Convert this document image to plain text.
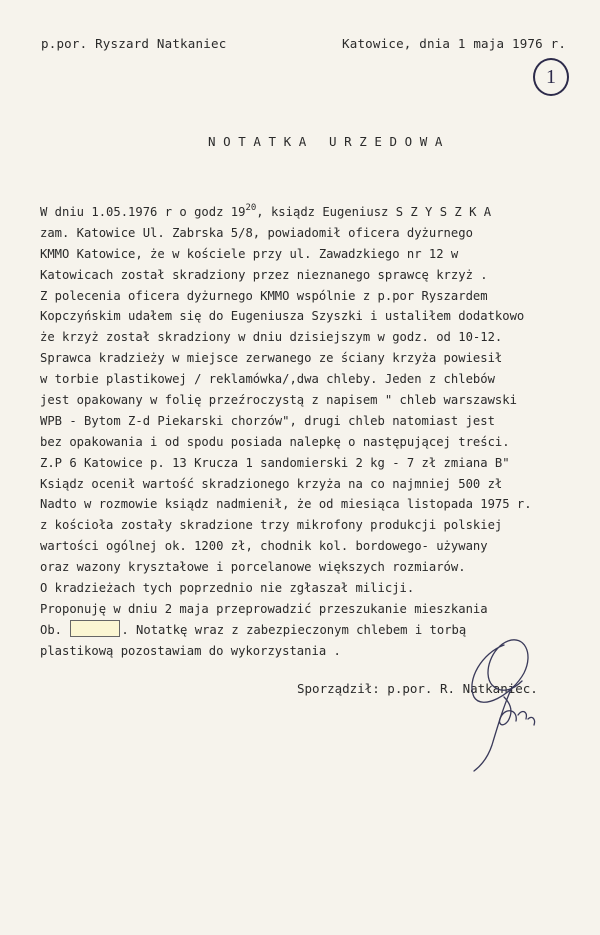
p.por. Ryszard Natkaniec	Katowice, dnia 1 maja 1976 r.
1
NOTATKA URZEDOWA
W dniu 1.05.1976 r o godz $19^{20}$, ksiądz Eugeniusz S Z Y S Z K A
zam. Katowice Ul. Zabrska 5/8, powiadomił oficera dyżurnego
KMMO Katowice, że w kościele przy ul. Zawadzkiego nr 12 w
Katowicach został skradziony przez nieznanego sprawcę krzyż .
Z polecenia oficera dyżurnego KMMO wspólnie z p.por Ryszardem
Kopczyńskim udałem się do Eugeniusza Szyszki i ustaliłem dodatkowo
że krzyż został skradziony w dniu dzisiejszym w godz. od 10-12.
Sprawca kradzieży w miejsce zerwanego ze ściany krzyża powiesił
w torbie plastikowej / reklamówka/,dwa chleby. Jeden z chlebów
jest opakowany w folię przeźroczystą z napisem " chleb warszawski
WPB - Bytom Z-d Piekarski chorzów", drugi chleb natomiast jest
bez opakowania i od spodu posiada nalepkę o następującej treści.
Z.P 6 Katowice p. 13 Krucza 1 sandomierski 2 kg - 7 zł zmiana B"
Ksiądz ocenił wartość skradzionego krzyża na co najmniej 500 zł
Nadto w rozmowie ksiądz nadmienił, że od miesiąca listopada 1975 r.
z kościoła zostały skradzione trzy mikrofony produkcji polskiej
wartości ogólnej ok. 1200 zł, chodnik kol. bordowego- używany
oraz wazony kryształowe i porcelanowe większych rozmiarów.
O kradzieżach tych poprzednio nie zgłaszał milicji.
Proponuję w dniu 2 maja przeprowadzić przeszukanie mieszkania
Ob.	. Notatkę wraz z zabezpieczonym chlebem i torbą
plastikową pozostawiam do wykorzystania .
Sporządził: p.por. R. Natkaniec.
